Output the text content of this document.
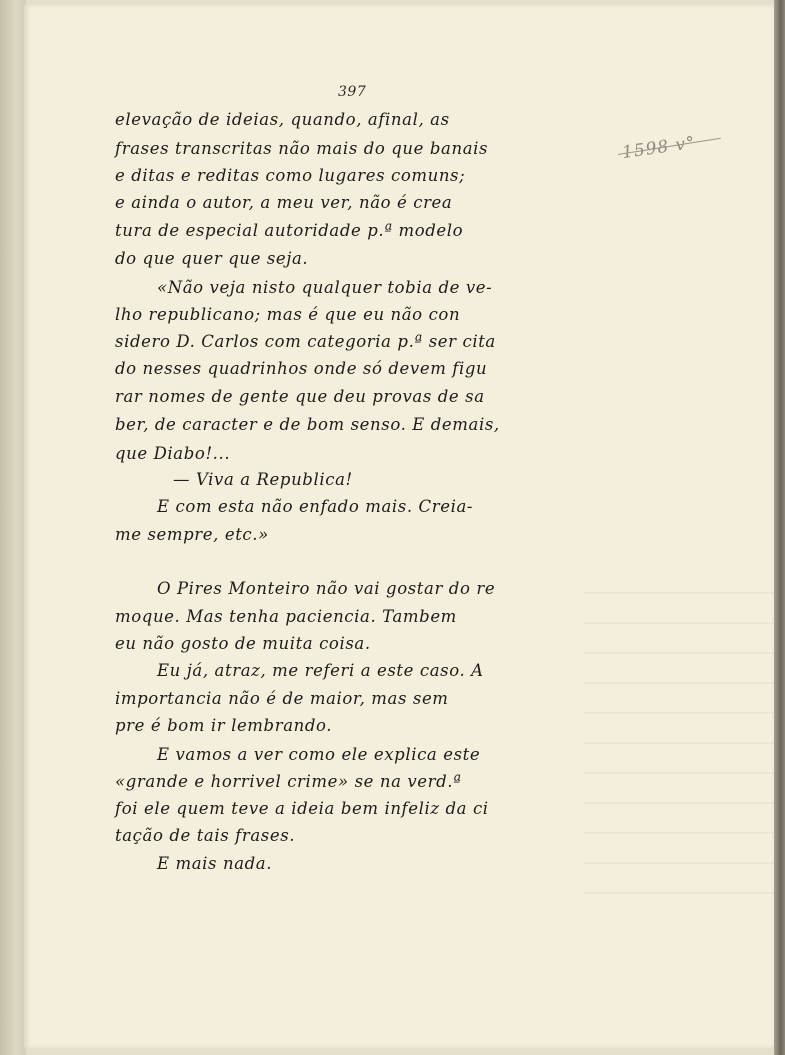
397
1598 v°
elevação de ideias, quando, afinal, as
frases transcritas não mais do que banais
e ditas e reditas como lugares comuns;
e ainda o autor, a meu ver, não é crea
tura de especial autoridade p.ª modelo
do que quer que seja.
«Não veja nisto qualquer tobia de ve-
lho republicano; mas é que eu não con
sidero D. Carlos com categoria p.ª ser cita
do nesses quadrinhos onde só devem figu
rar nomes de gente que deu provas de sa
ber, de caracter e de bom senso. E demais,
que Diabo!...
— Viva a Republica!
E com esta não enfado mais. Creia-
me sempre, etc.»
O Pires Monteiro não vai gostar do re
moque. Mas tenha paciencia. Tambem
eu não gosto de muita coisa.
Eu já, atraz, me referi a este caso. A
importancia não é de maior, mas sem
pre é bom ir lembrando.
E vamos a ver como ele explica este
«grande e horrivel crime» se na verd.ª
foi ele quem teve a ideia bem infeliz da ci
tação de tais frases.
E mais nada.
